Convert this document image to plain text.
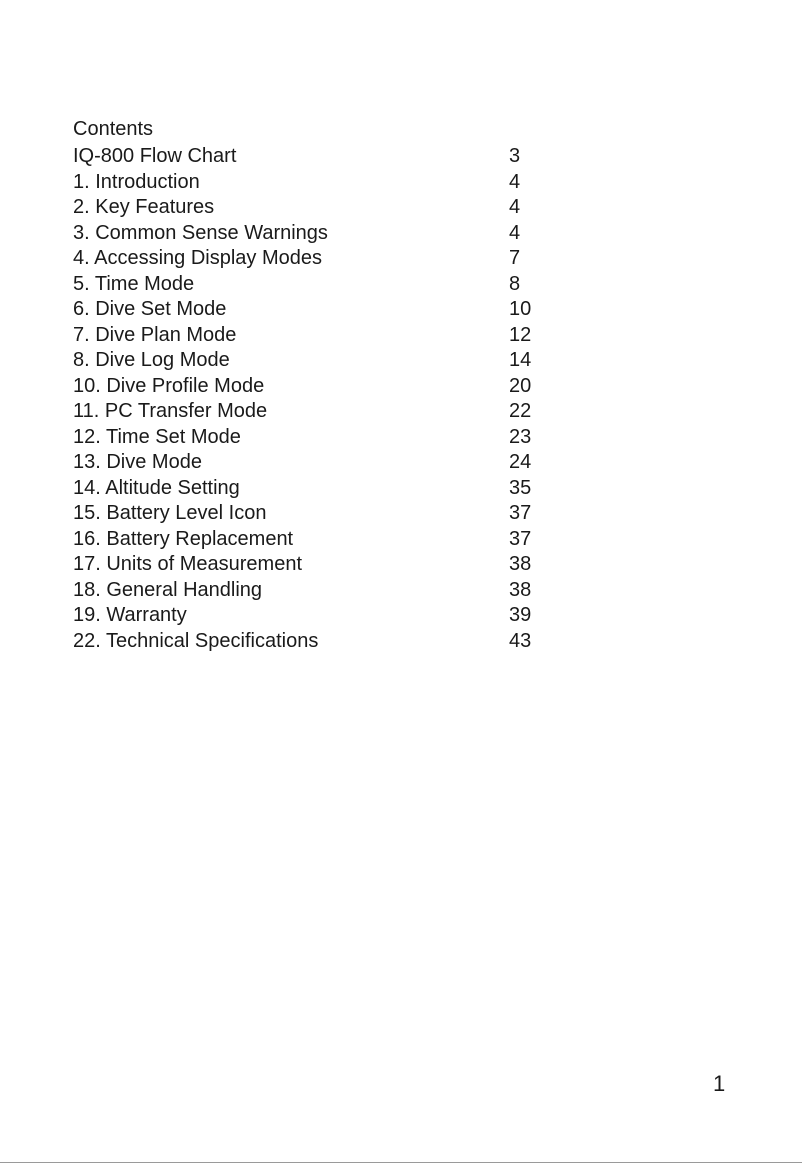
Contents
IQ-800 Flow Chart	3
1. Introduction	4
2. Key Features	4
3. Common Sense Warnings	4
4. Accessing Display Modes	7
5. Time Mode	8
6. Dive Set Mode	10
7. Dive Plan Mode	12
8. Dive Log Mode	14
10. Dive Profile Mode	20
11. PC Transfer Mode	22
12. Time Set Mode	23
13. Dive Mode	24
14. Altitude Setting	35
15. Battery Level Icon	37
16. Battery Replacement	37
17. Units of Measurement	38
18. General Handling	38
19. Warranty	39
22. Technical Specifications	43
1
